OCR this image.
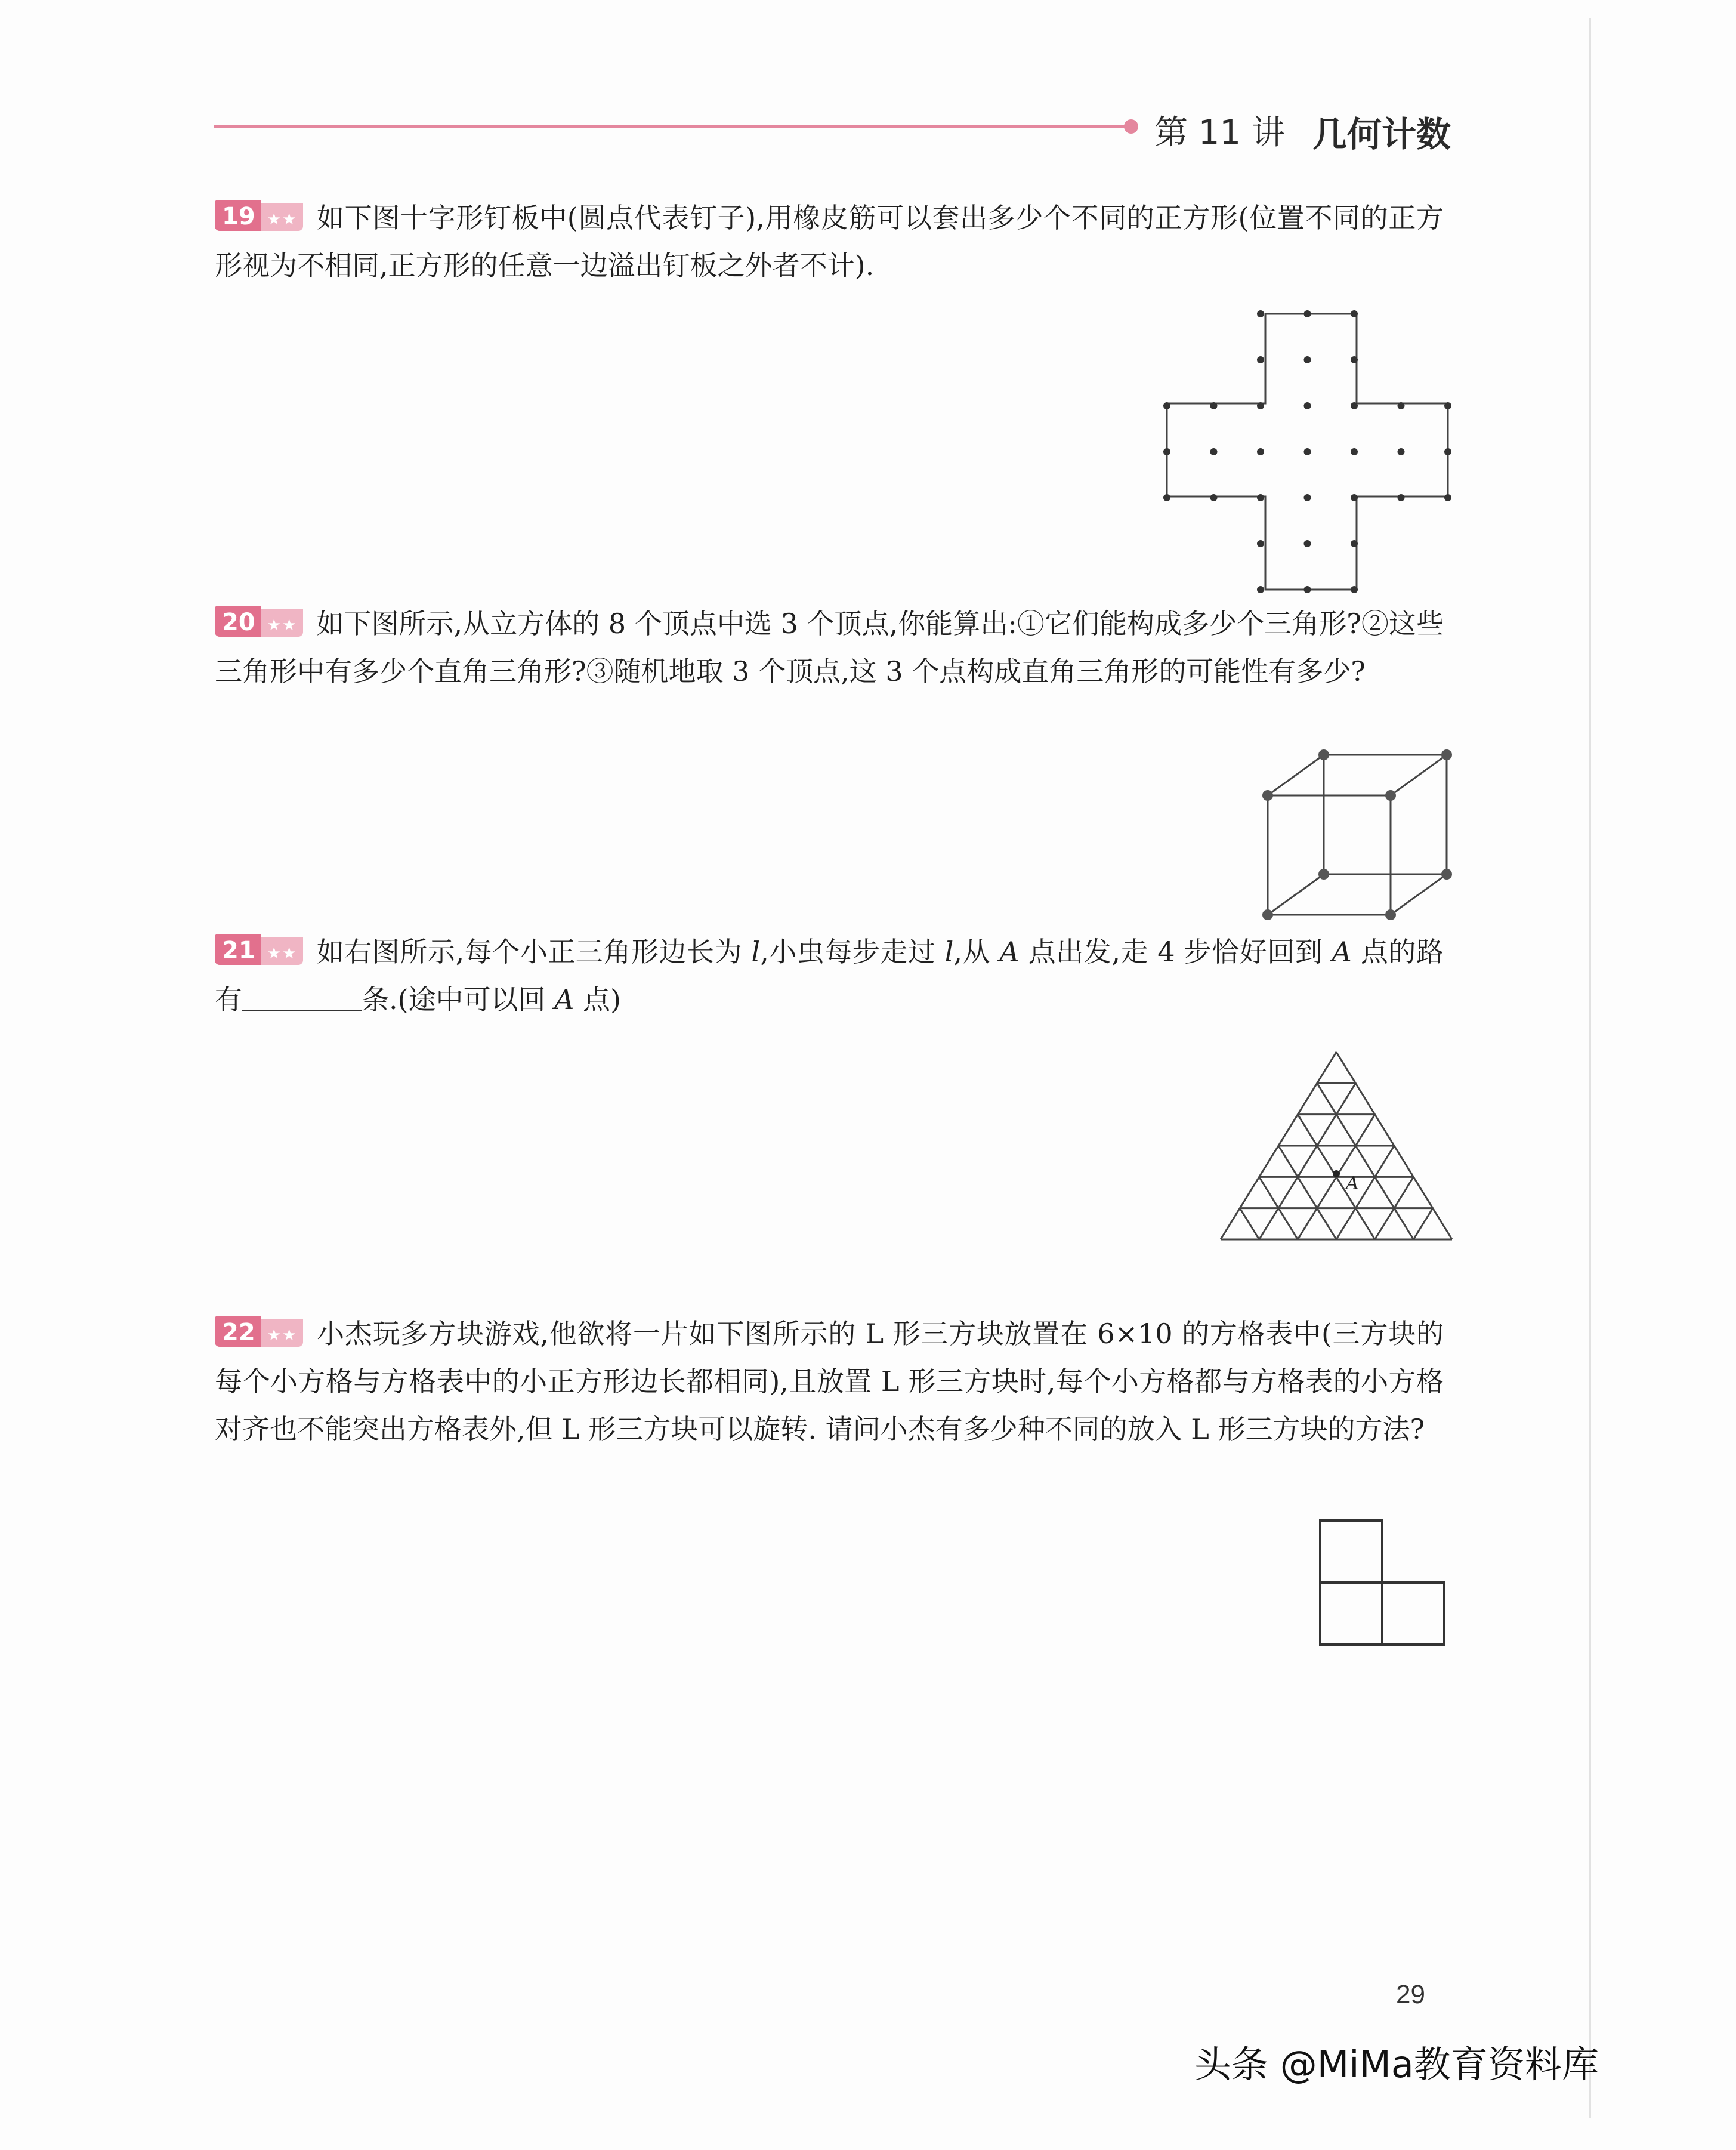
第 11 讲 几何计数
19 ★★ 如下图十字形钉板中(圆点代表钉子),用橡皮筋可以套出多少个不同的正方形(位置不同的正方形视为不相同,正方形的任意一边溢出钉板之外者不计).
20 ★★ 如下图所示,从立方体的 8 个顶点中选 3 个顶点,你能算出:①它们能构成多少个三角形?②这些三角形中有多少个直角三角形?③随机地取 3 个顶点,这 3 个点构成直角三角形的可能性有多少?
21 ★★ 如右图所示,每个小正三角形边长为 l,小虫每步走过 l,从 A 点出发,走 4 步恰好回到 A 点的路有	条.(途中可以回 A 点)
A
22 ★★ 小杰玩多方块游戏,他欲将一片如下图所示的 L 形三方块放置在 6×10 的方格表中(三方块的每个小方格与方格表中的小正方形边长都相同),且放置 L 形三方块时,每个小方格都与方格表的小方格对齐也不能突出方格表外,但 L 形三方块可以旋转. 请问小杰有多少种不同的放入 L 形三方块的方法?
29
头条 @MiMa教育资料库
